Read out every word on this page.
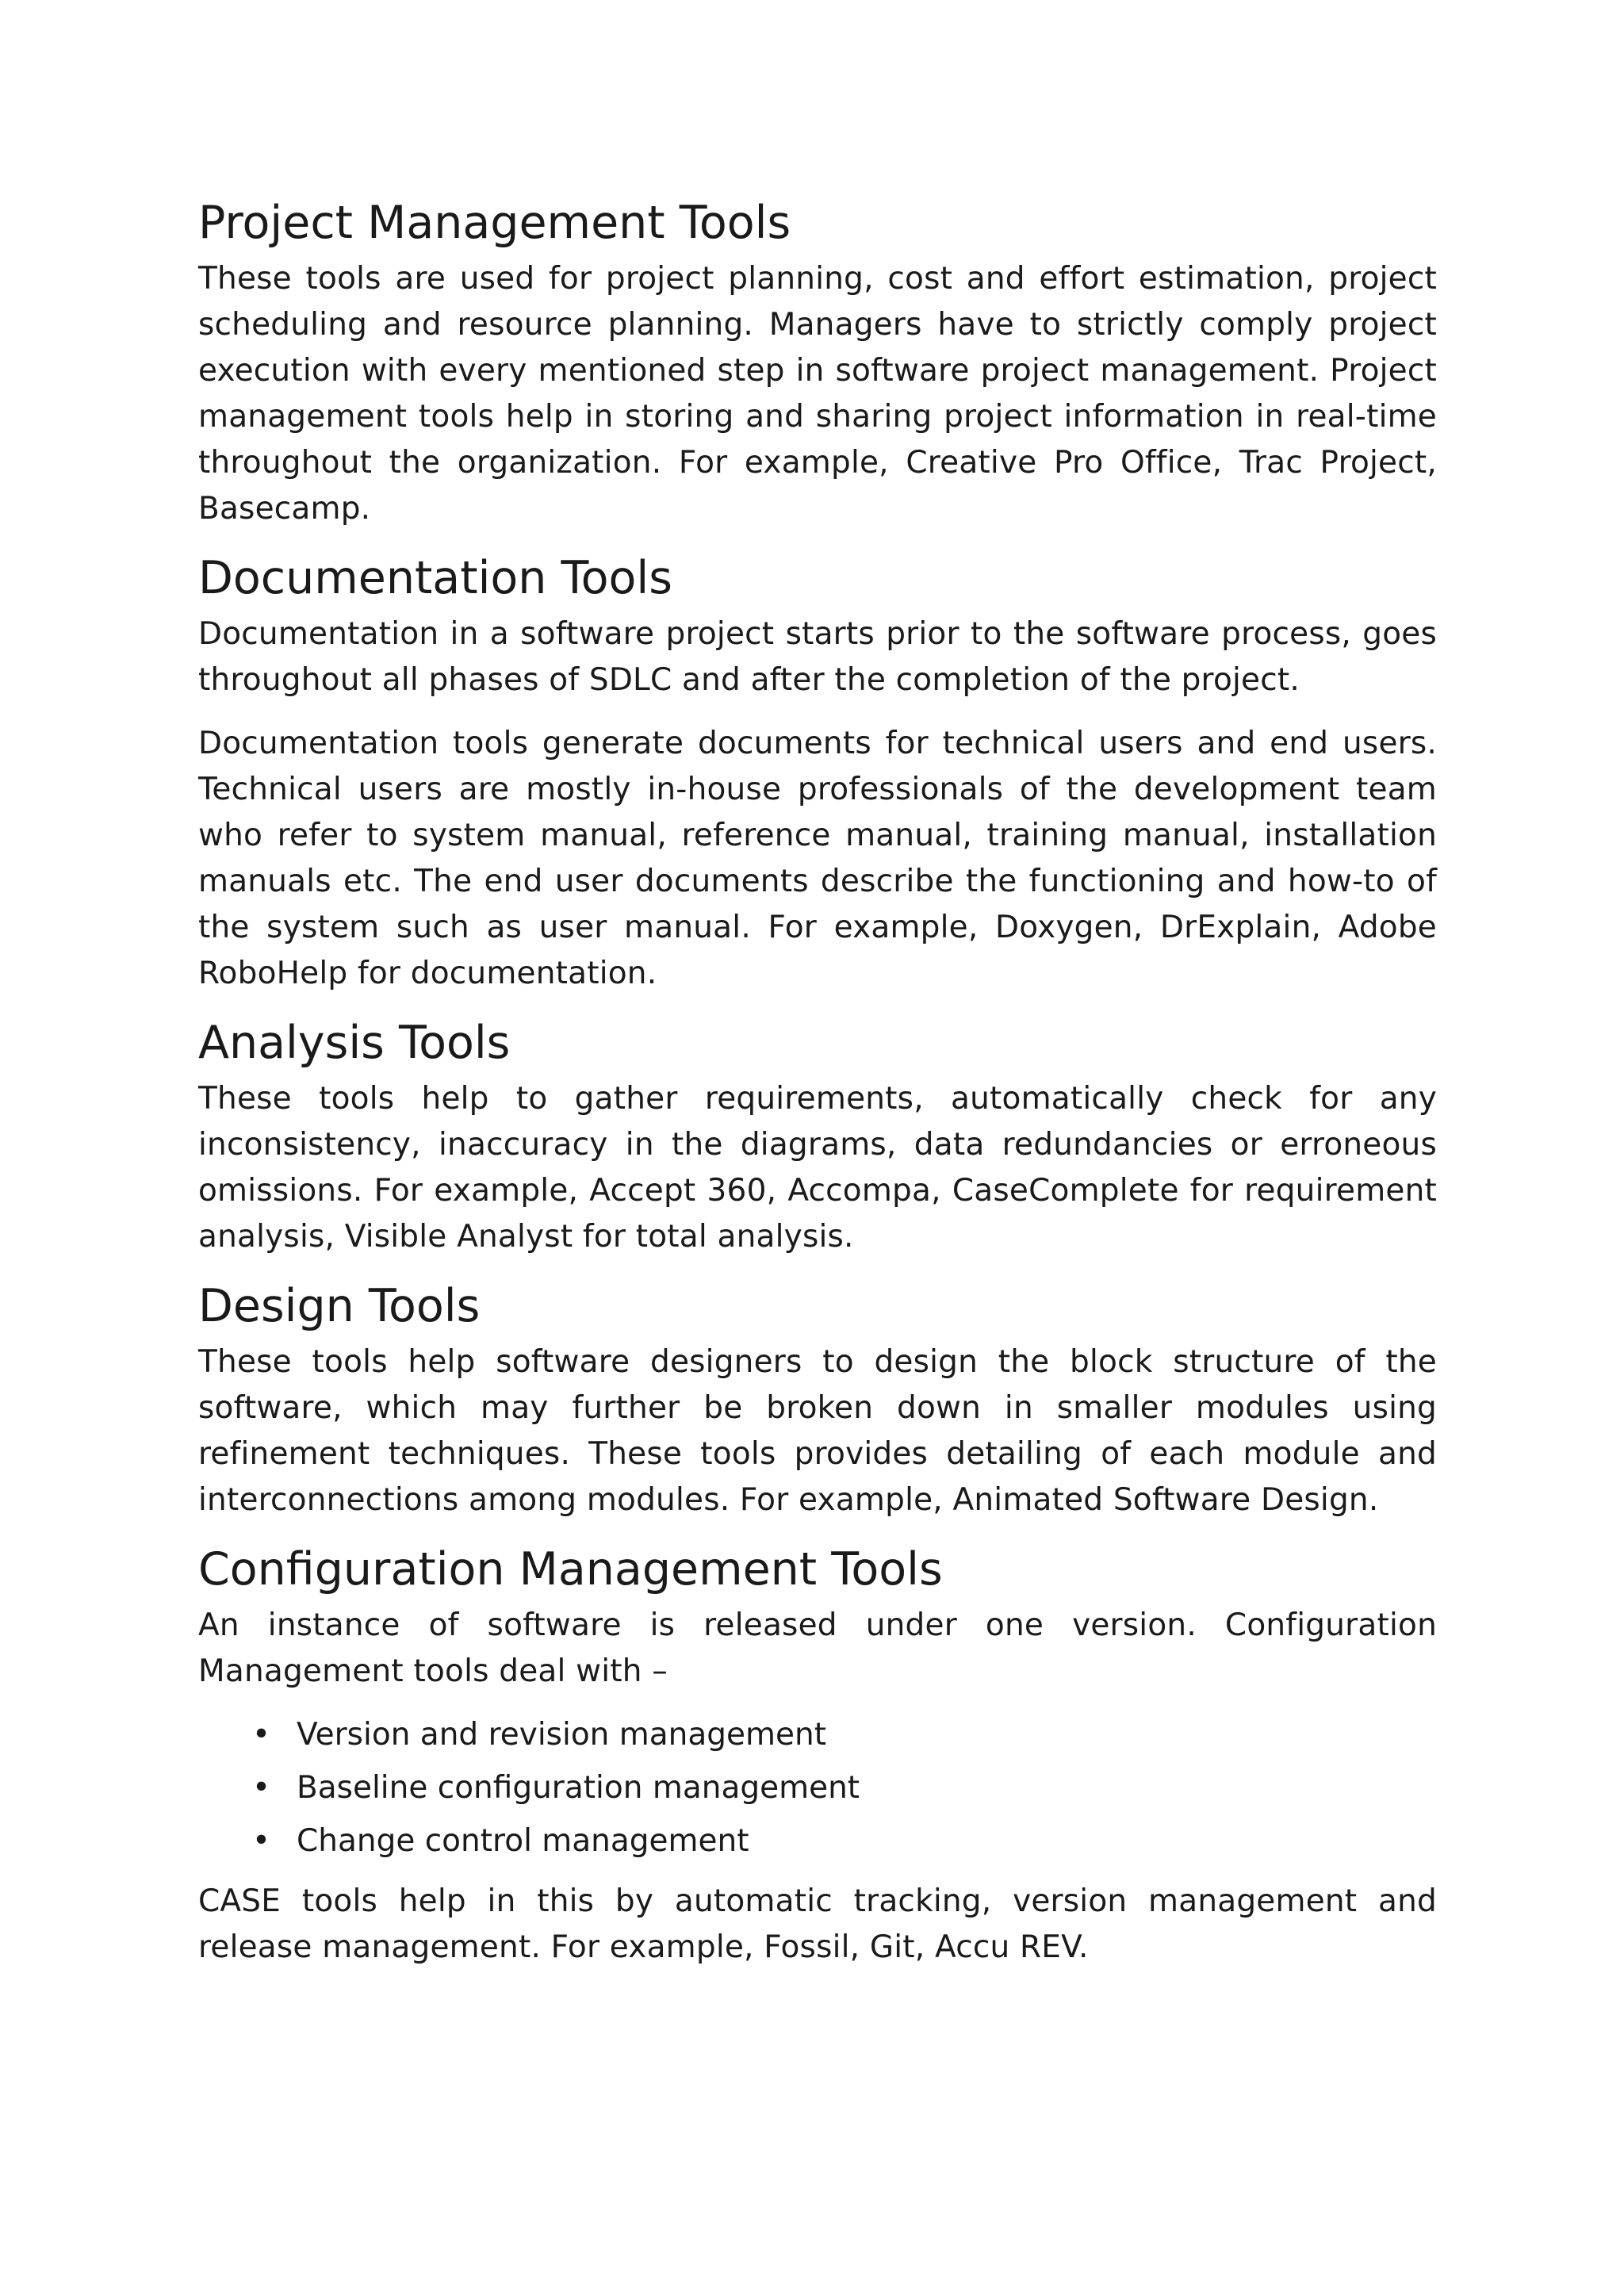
Project Management Tools

These tools are used for project planning, cost and effort estimation, project scheduling and resource planning. Managers have to strictly comply project execution with every mentioned step in software project management. Project management tools help in storing and sharing project information in real-time throughout the organization. For example, Creative Pro Office, Trac Project, Basecamp.

Documentation Tools

Documentation in a software project starts prior to the software process, goes throughout all phases of SDLC and after the completion of the project.

Documentation tools generate documents for technical users and end users. Technical users are mostly in-house professionals of the development team who refer to system manual, reference manual, training manual, installation manuals etc. The end user documents describe the functioning and how-to of the system such as user manual. For example, Doxygen, DrExplain, Adobe RoboHelp for documentation.

Analysis Tools

These tools help to gather requirements, automatically check for any inconsistency, inaccuracy in the diagrams, data redundancies or erroneous omissions. For example, Accept 360, Accompa, CaseComplete for requirement analysis, Visible Analyst for total analysis.

Design Tools

These tools help software designers to design the block structure of the software, which may further be broken down in smaller modules using refinement techniques. These tools provides detailing of each module and interconnections among modules. For example, Animated Software Design.

Configuration Management Tools

An instance of software is released under one version. Configuration Management tools deal with –

• Version and revision management
• Baseline configuration management
• Change control management

CASE tools help in this by automatic tracking, version management and release management. For example, Fossil, Git, Accu REV.
